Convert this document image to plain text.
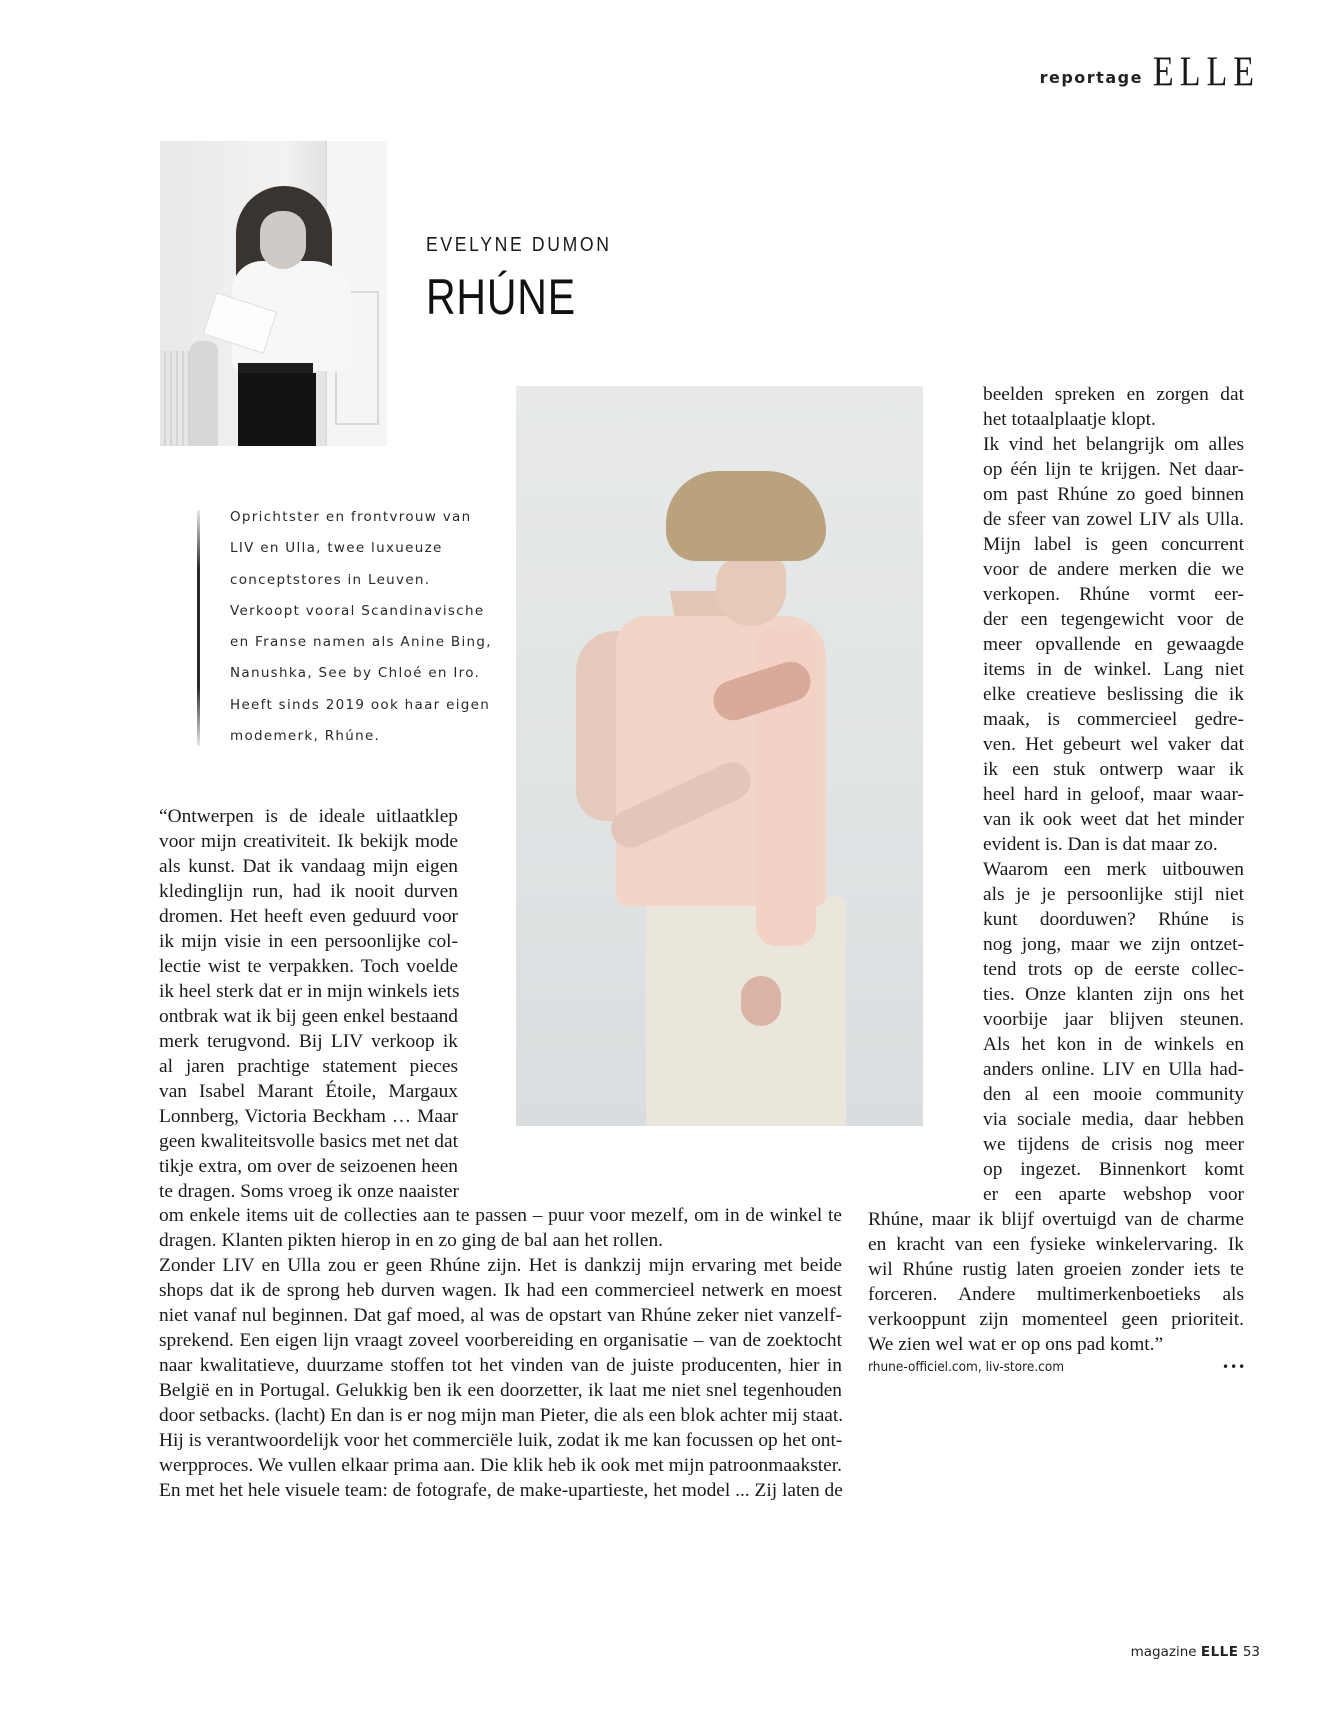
reportage ELLE
EVELYNE DUMON
RHÚNE
Oprichtster en frontvrouw van
LIV en Ulla, twee luxueuze
conceptstores in Leuven.
Verkoopt vooral Scandinavische
en Franse namen als Anine Bing,
Nanushka, See by Chloé en Iro.
Heeft sinds 2019 ook haar eigen
modemerk, Rhúne.
“Ontwerpen is de ideale uitlaatklep
voor mijn creativiteit. Ik bekijk mode
als kunst. Dat ik vandaag mijn eigen
kledinglijn run, had ik nooit durven
dromen. Het heeft even geduurd voor
ik mijn visie in een persoonlijke col-
lectie wist te verpakken. Toch voelde
ik heel sterk dat er in mijn winkels iets
ontbrak wat ik bij geen enkel bestaand
merk terugvond. Bij LIV verkoop ik
al jaren prachtige statement pieces
van Isabel Marant Étoile, Margaux
Lonnberg, Victoria Beckham … Maar
geen kwaliteitsvolle basics met net dat
tikje extra, om over de seizoenen heen
te dragen. Soms vroeg ik onze naaister
om enkele items uit de collecties aan te passen – puur voor mezelf, om in de winkel te
dragen. Klanten pikten hierop in en zo ging de bal aan het rollen.
Zonder LIV en Ulla zou er geen Rhúne zijn. Het is dankzij mijn ervaring met beide
shops dat ik de sprong heb durven wagen. Ik had een commercieel netwerk en moest
niet vanaf nul beginnen. Dat gaf moed, al was de opstart van Rhúne zeker niet vanzelf-
sprekend. Een eigen lijn vraagt zoveel voorbereiding en organisatie – van de zoektocht
naar kwalitatieve, duurzame stoffen tot het vinden van de juiste producenten, hier in
België en in Portugal. Gelukkig ben ik een doorzetter, ik laat me niet snel tegenhouden
door setbacks. (lacht) En dan is er nog mijn man Pieter, die als een blok achter mij staat.
Hij is verantwoordelijk voor het commerciële luik, zodat ik me kan focussen op het ont-
werpproces. We vullen elkaar prima aan. Die klik heb ik ook met mijn patroonmaakster.
En met het hele visuele team: de fotografe, de make-upartieste, het model ... Zij laten de
beelden spreken en zorgen dat
het totaalplaatje klopt.
Ik vind het belangrijk om alles
op één lijn te krijgen. Net daar-
om past Rhúne zo goed binnen
de sfeer van zowel LIV als Ulla.
Mijn label is geen concurrent
voor de andere merken die we
verkopen. Rhúne vormt eer-
der een tegengewicht voor de
meer opvallende en gewaagde
items in de winkel. Lang niet
elke creatieve beslissing die ik
maak, is commercieel gedre-
ven. Het gebeurt wel vaker dat
ik een stuk ontwerp waar ik
heel hard in geloof, maar waar-
van ik ook weet dat het minder
evident is. Dan is dat maar zo.
Waarom een merk uitbouwen
als je je persoonlijke stijl niet
kunt doorduwen? Rhúne is
nog jong, maar we zijn ontzet-
tend trots op de eerste collec-
ties. Onze klanten zijn ons het
voorbije jaar blijven steunen.
Als het kon in de winkels en
anders online. LIV en Ulla had-
den al een mooie community
via sociale media, daar hebben
we tijdens de crisis nog meer
op ingezet. Binnenkort komt
er een aparte webshop voor
Rhúne, maar ik blijf overtuigd van de charme
en kracht van een fysieke winkelervaring. Ik
wil Rhúne rustig laten groeien zonder iets te
forceren. Andere multimerkenboetieks als
verkooppunt zijn momenteel geen prioriteit.
We zien wel wat er op ons pad komt.”
rhune-officiel.com, liv-store.com	•••
magazine ELLE 53
